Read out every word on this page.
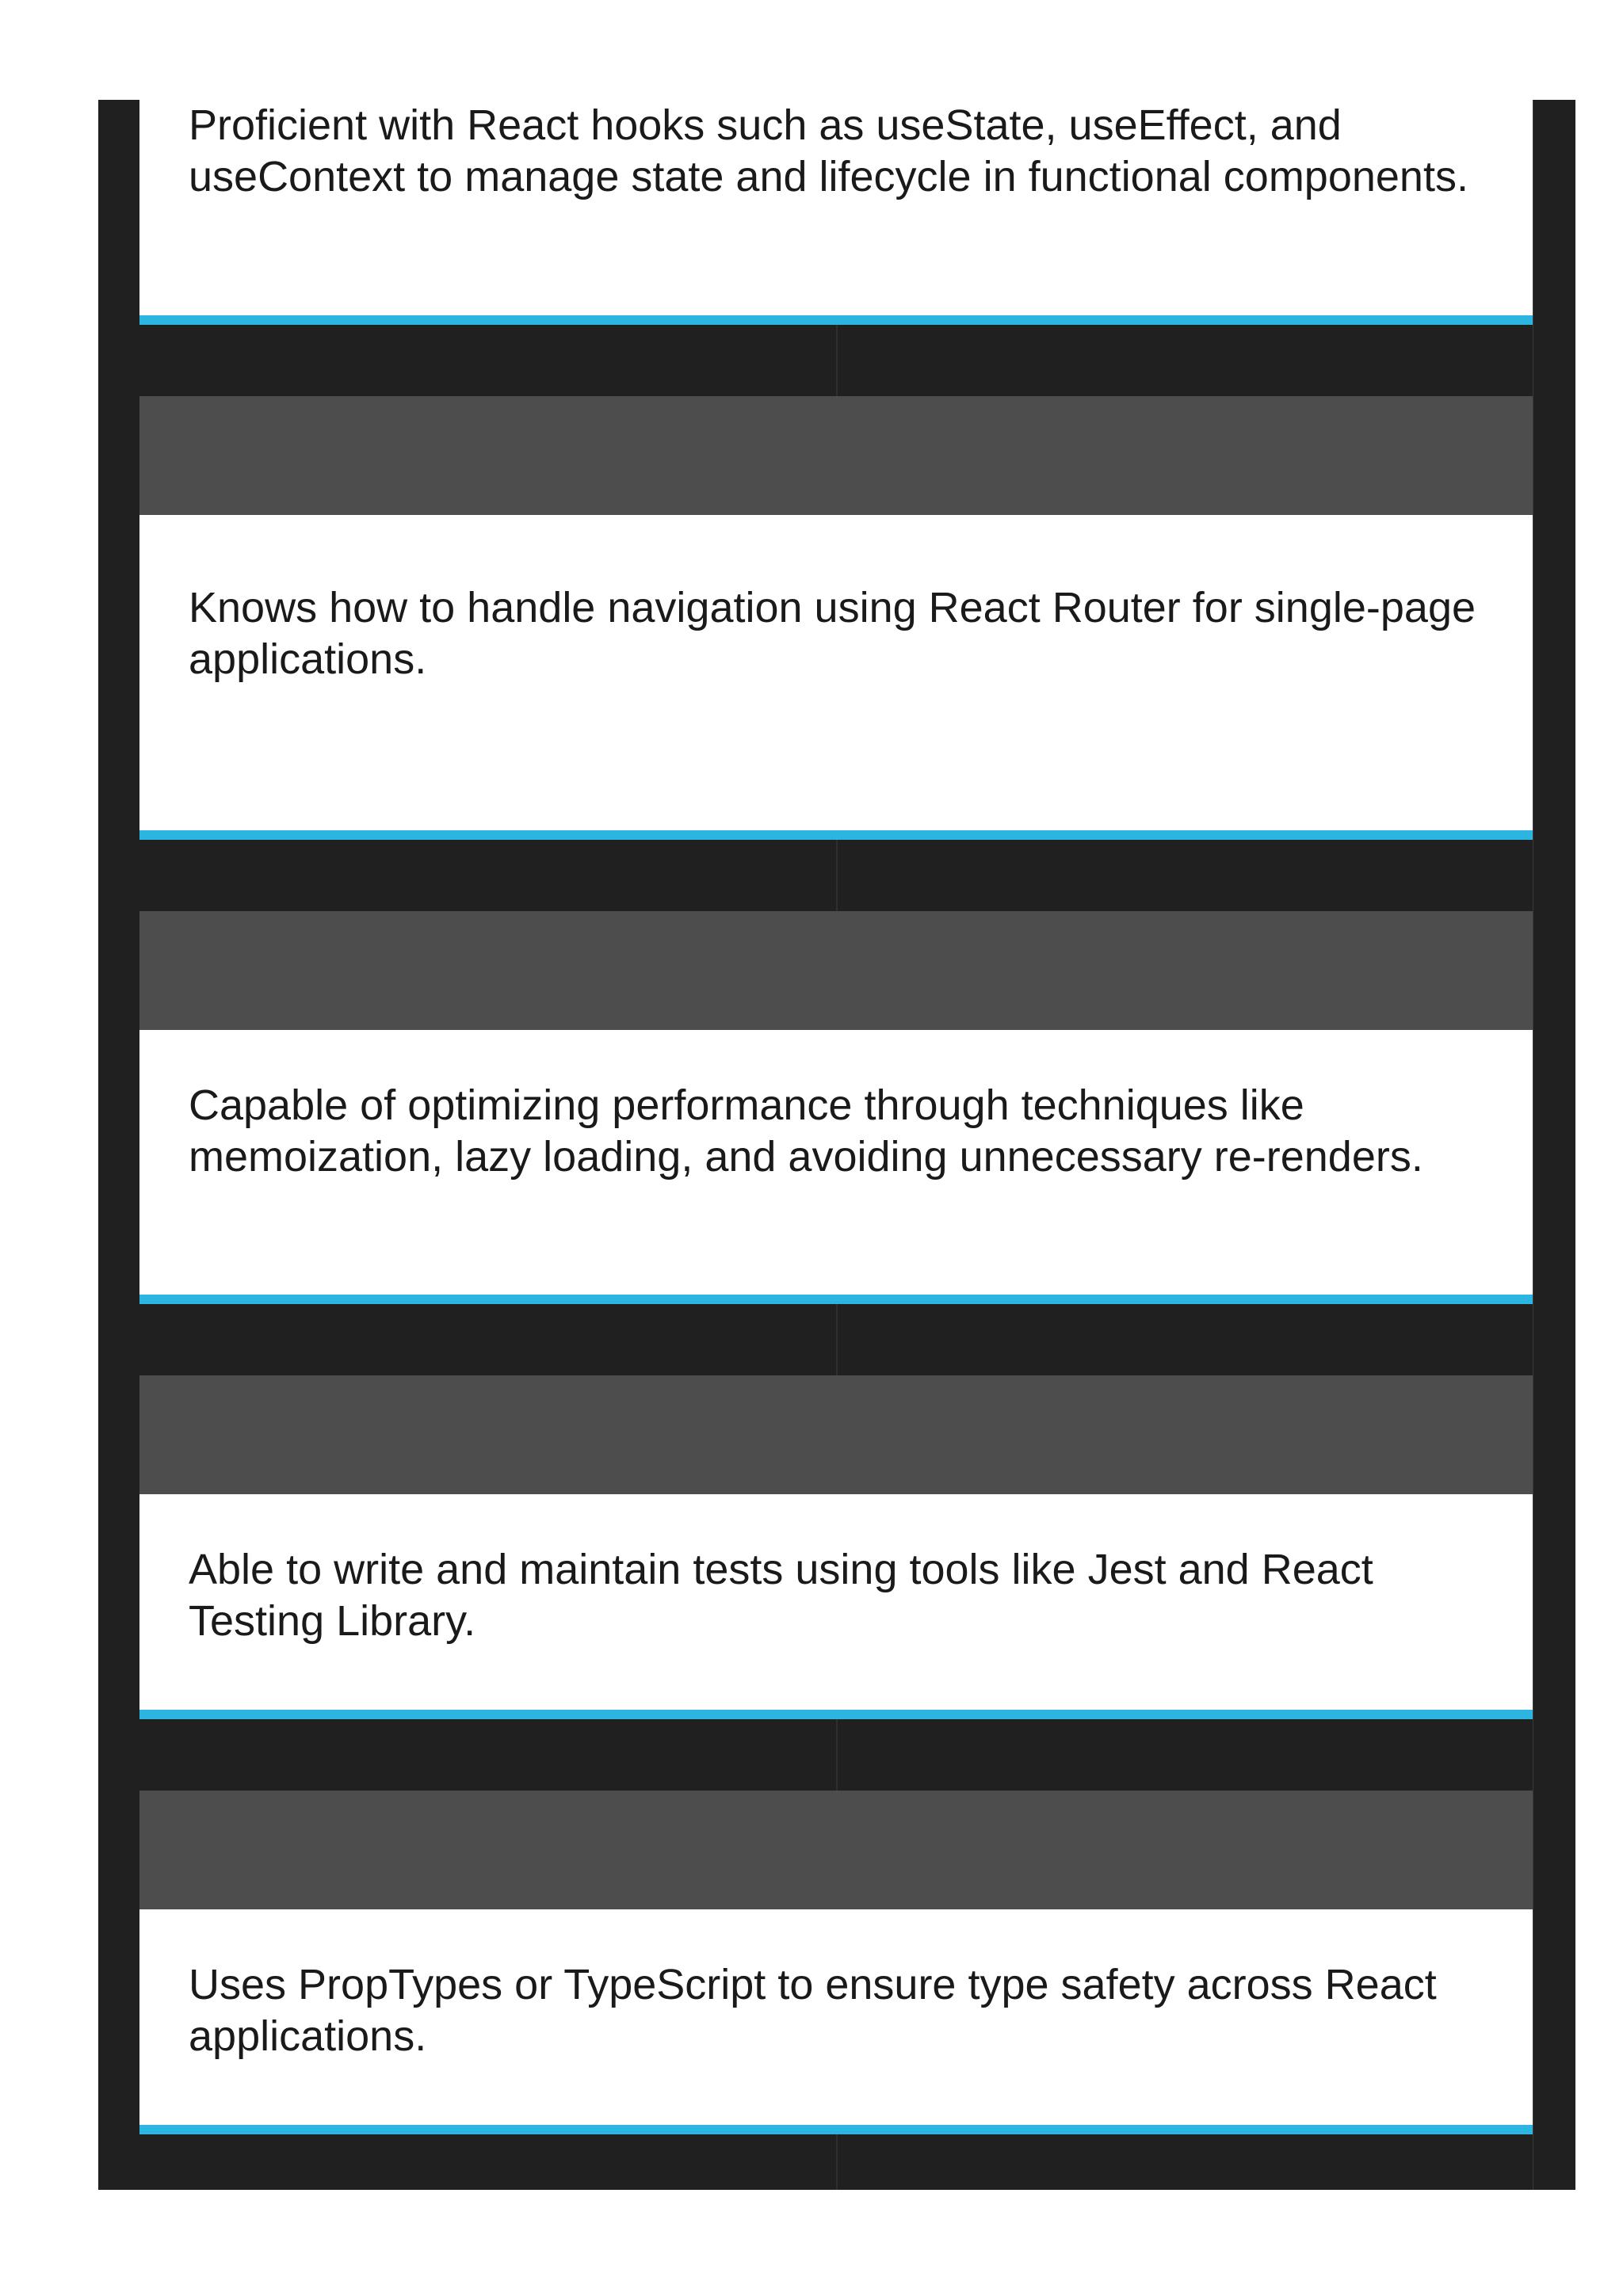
Proficient with React hooks such as useState, useEffect, and useContext to manage state and lifecycle in functional components.

Knows how to handle navigation using React Router for single-page applications.

Capable of optimizing performance through techniques like memoization, lazy loading, and avoiding unnecessary re-renders.

Able to write and maintain tests using tools like Jest and React Testing Library.

Uses PropTypes or TypeScript to ensure type safety across React applications.
